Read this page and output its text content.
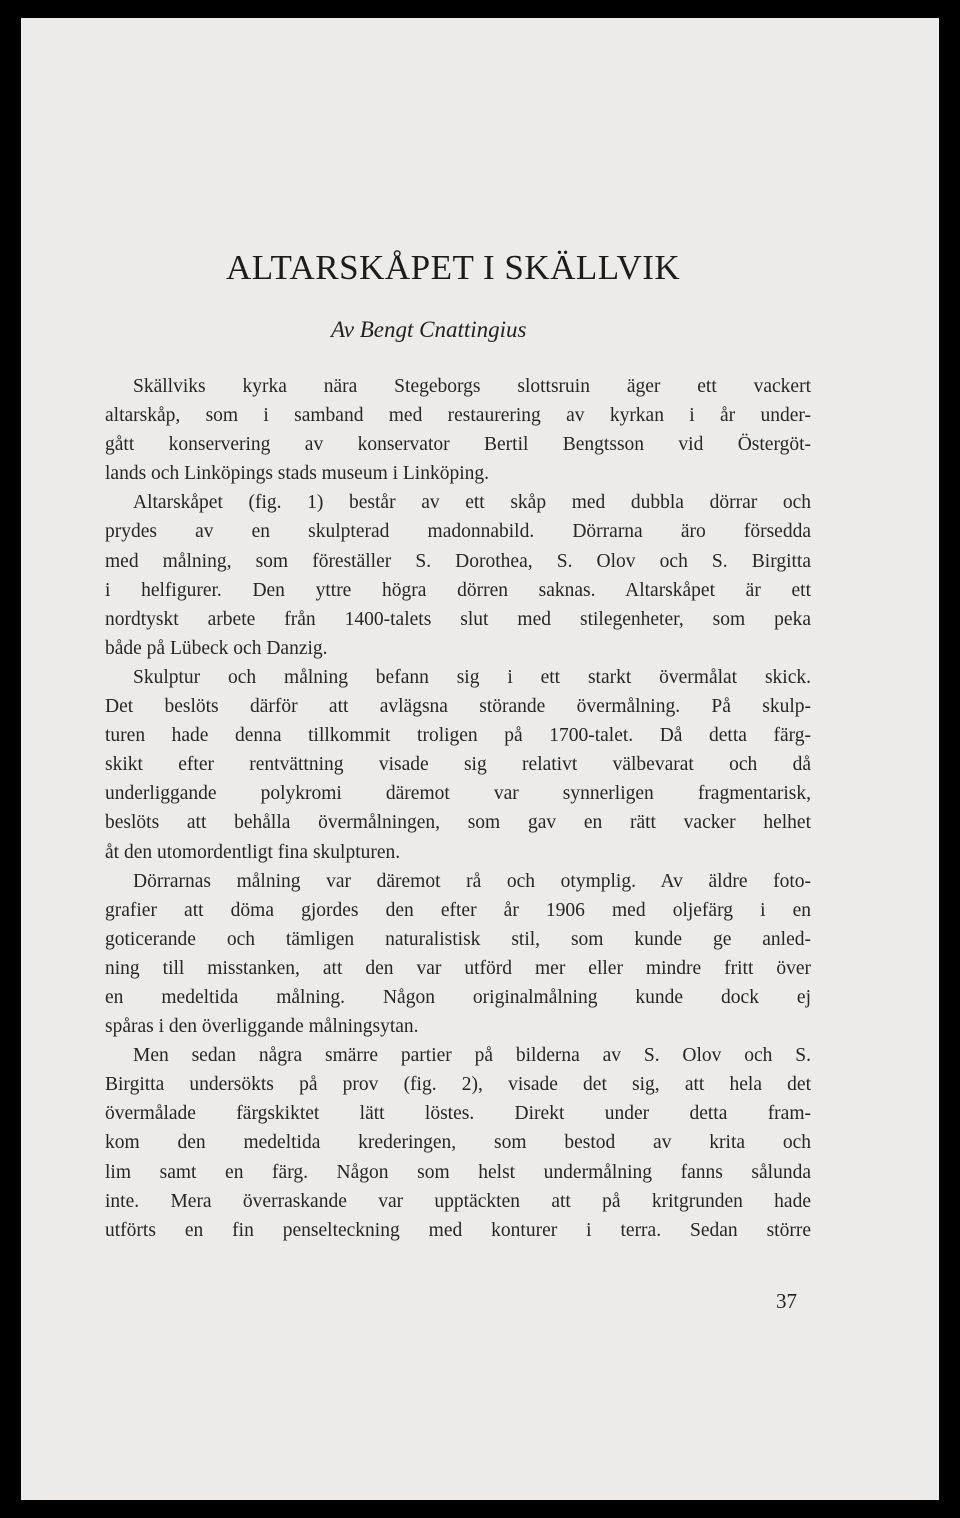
ALTARSKÅPET I SKÄLLVIK

Av Bengt Cnattingius

Skällviks kyrka nära Stegeborgs slottsruin äger ett vackert
altarskåp, som i samband med restaurering av kyrkan i år under-
gått konservering av konservator Bertil Bengtsson vid Östergöt-
lands och Linköpings stads museum i Linköping.
Altarskåpet (fig. 1) består av ett skåp med dubbla dörrar och
prydes av en skulpterad madonnabild. Dörrarna äro försedda
med målning, som föreställer S. Dorothea, S. Olov och S. Birgitta
i helfigurer. Den yttre högra dörren saknas. Altarskåpet är ett
nordtyskt arbete från 1400-talets slut med stilegenheter, som peka
både på Lübeck och Danzig.
Skulptur och målning befann sig i ett starkt övermålat skick.
Det beslöts därför att avlägsna störande övermålning. På skulp-
turen hade denna tillkommit troligen på 1700-talet. Då detta färg-
skikt efter rentvättning visade sig relativt välbevarat och då
underliggande polykromi däremot var synnerligen fragmentarisk,
beslöts att behålla övermålningen, som gav en rätt vacker helhet
åt den utomordentligt fina skulpturen.
Dörrarnas målning var däremot rå och otymplig. Av äldre foto-
grafier att döma gjordes den efter år 1906 med oljefärg i en
goticerande och tämligen naturalistisk stil, som kunde ge anled-
ning till misstanken, att den var utförd mer eller mindre fritt över
en medeltida målning. Någon originalmålning kunde dock ej
spåras i den överliggande målningsytan.
Men sedan några smärre partier på bilderna av S. Olov och S.
Birgitta undersökts på prov (fig. 2), visade det sig, att hela det
övermålade färgskiktet lätt löstes. Direkt under detta fram-
kom den medeltida krederingen, som bestod av krita och
lim samt en färg. Någon som helst undermålning fanns sålunda
inte. Mera överraskande var upptäckten att på kritgrunden hade
utförts en fin penselteckning med konturer i terra. Sedan större

37
